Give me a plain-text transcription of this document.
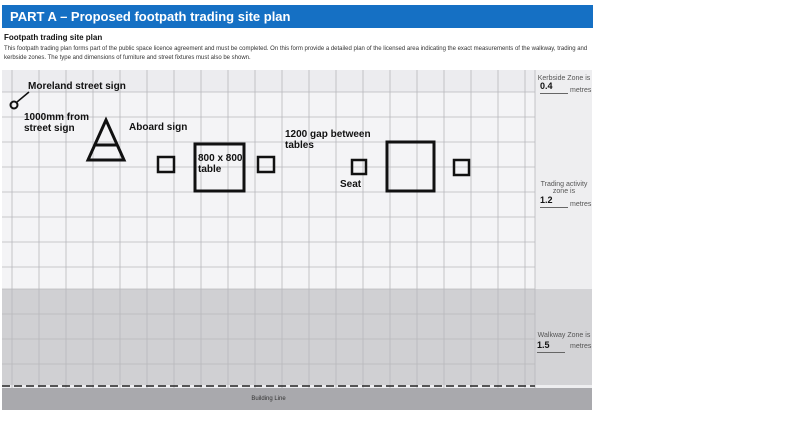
PART A – Proposed footpath trading site plan
Footpath trading site plan
This footpath trading plan forms part of the public space licence agreement and must be completed. On this form provide a detailed plan of the licensed area indicating the exact measurements of the walkway, trading and kerbside zones. The type and dimensions of furniture and street fixtures must also be shown.
Moreland street sign
1000mm from street sign	Aboard sign
800 x 800 table
1200 gap between tables
Seat
Kerbside Zone is
0.4	metres
Trading activity zone is
1.2	metres
Walkway Zone is
1.5	metres
Building Line
